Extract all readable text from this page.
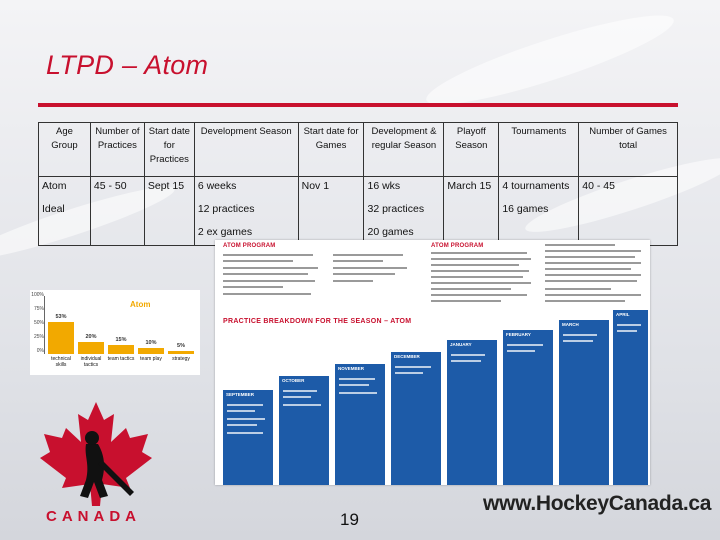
LTPD – Atom
Age Group	Number of Practices	Start date for Practices	Development Season	Start date for Games	Development & regular Season	Playoff Season	Tournaments	Number of Games total
Atom	45 - 50	Sept 15	6 weeks	Nov 1	16 wks	March 15	4 tournaments	40 - 45
Ideal			12 practices		32 practices		16 games	
			2 ex games		20 games			
ATOM PROGRAM	ATOM PROGRAM
PRACTICE BREAKDOWN FOR THE SEASON – ATOM
SEPTEMBER
OCTOBER
NOVEMBER
DECEMBER
JANUARY
FEBRUARY
MARCH
APRIL
Atom
100%
75%
50%
25%
0%
53%
20%	15%	10%	5%
technical skills
individual tactics
team tactics	team play	strategy
CANADA	19
www.HockeyCanada.ca
